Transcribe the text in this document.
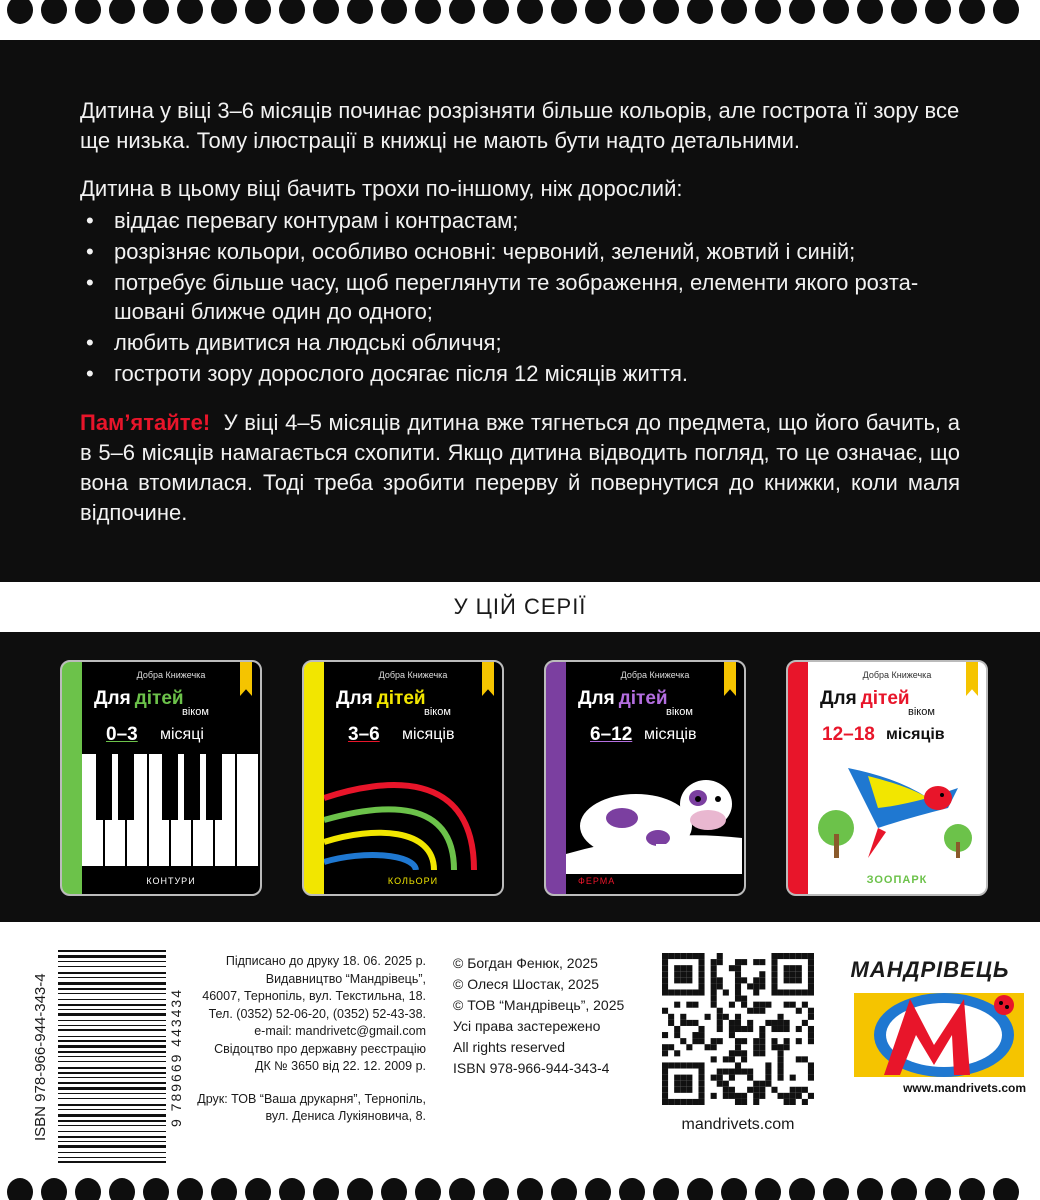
Дитина у віці 3–6 місяців починає розрізняти більше кольорів, але гострота її зору все ще низька. Тому ілюстрації в книжці не мають бути надто детальними.
Дитина в цьому віці бачить трохи по-іншому, ніж дорослий:
• віддає перевагу контурам і контрастам;
• розрізняє кольори, особливо основні: червоний, зелений, жовтий і синій;
• потребує більше часу, щоб переглянути те зображення, елементи якого розта-шовані ближче один до одного;
• любить дивитися на людські обличчя;
• гостроти зору дорослого досягає після 12 місяців життя.
Пам’ятайте! У віці 4–5 місяців дитина вже тягнеться до предмета, що його бачить, а в 5–6 місяців намагається схопити. Якщо дитина відводить погляд, то це означає, що вона втомилася. Тоді треба зробити перерву й повернутися до книжки, коли маля відпочине.
У ЦІЙ СЕРІЇ
Добра Книжечка
Для дітей
віком
0–3 місяці
КОНТУРИ
Добра Книжечка
Для дітей
віком
3–6 місяців
КОЛЬОРИ
Добра Книжечка
Для дітей
віком
6–12 місяців
ФЕРМА
Добра Книжечка
Для дітей
віком
12–18 місяців
ЗООПАРК
ISBN 978-966-944-343-4	9 789669 443434
Підписано до друку 18. 06. 2025 р.
Видавництво “Мандрівець”,
46007, Тернопіль, вул. Текстильна, 18.
Тел. (0352) 52-06-20, (0352) 52-43-38.
e-mail: mandrivetc@gmail.com
Свідоцтво про державну реєстрацію
ДК № 3650 від 22. 12. 2009 р.
Друк: ТОВ “Ваша друкарня”, Тернопіль,
вул. Дениса Лукіяновича, 8.
© Богдан Фенюк, 2025
© Олеся Шостак, 2025
© ТОВ “Мандрівець”, 2025
Усі права застережено
All rights reserved
ISBN 978-966-944-343-4
mandrivets.com
МАНДРІВЕЦЬ
www.mandrivets.com
